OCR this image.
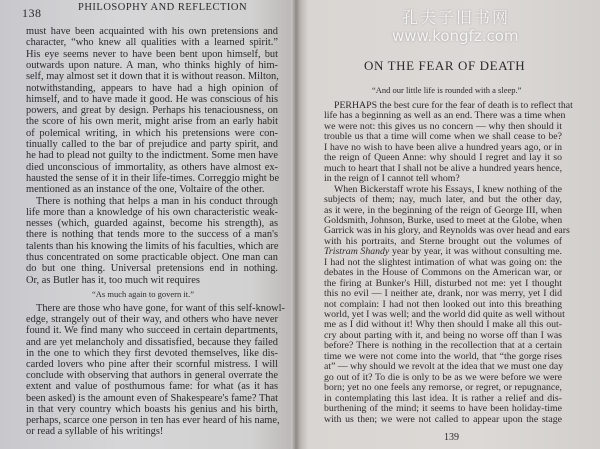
138	PHILOSOPHY AND REFLECTION
must have been acquainted with his own pretensions and
character, “who knew all qualities with a learned spirit.”
His eye seems never to have been bent upon himself, but
outwards upon nature. A man, who thinks highly of him-
self, may almost set it down that it is without reason. Milton,
notwithstanding, appears to have had a high opinion of
himself, and to have made it good. He was conscious of his
powers, and great by design. Perhaps his tenaciousness, on
the score of his own merit, might arise from an early habit
of polemical writing, in which his pretensions were con-
tinually called to the bar of prejudice and party spirit, and
he had to plead not guilty to the indictment. Some men have
died unconscious of immortality, as others have almost ex-
hausted the sense of it in their life-times. Correggio might be
mentioned as an instance of the one, Voltaire of the other.
There is nothing that helps a man in his conduct through
life more than a knowledge of his own characteristic weak-
nesses (which, guarded against, become his strength), as
there is nothing that tends more to the success of a man's
talents than his knowing the limits of his faculties, which are
thus concentrated on some practicable object. One man can
do but one thing. Universal pretensions end in nothing.
Or, as Butler has it, too much wit requires
There are those who have gone, for want of this self-knowl-
edge, strangely out of their way, and others who have never
found it. We find many who succeed in certain departments,
and are yet melancholy and dissatisfied, because they failed
in the one to which they first devoted themselves, like dis-
carded lovers who pine after their scornful mistress. I will
conclude with observing that authors in general overrate the
extent and value of posthumous fame: for what (as it has
been asked) is the amount even of Shakespeare's fame? That
in that very country which boasts his genius and his birth,
perhaps, scarce one person in ten has ever heard of his name,
or read a syllable of his writings!
“As much again to govern it.”
孔夫子旧书网
www.kongfz.com
ON THE FEAR OF DEATH
“And our little life is rounded with a sleep.”
PERHAPS the best cure for the fear of death is to reflect that
life has a beginning as well as an end. There was a time when
we were not: this gives us no concern — why then should it
trouble us that a time will come when we shall cease to be?
I have no wish to have been alive a hundred years ago, or in
the reign of Queen Anne: why should I regret and lay it so
much to heart that I shall not be alive a hundred years hence,
in the reign of I cannot tell whom?
When Bickerstaff wrote his Essays, I knew nothing of the
subjects of them; nay, much later, and but the other day,
as it were, in the beginning of the reign of George III, when
Goldsmith, Johnson, Burke, used to meet at the Globe, when
Garrick was in his glory, and Reynolds was over head and ears
with his portraits, and Sterne brought out the volumes of
Tristram Shandy year by year, it was without consulting me.
I had not the slightest intimation of what was going on: the
debates in the House of Commons on the American war, or
the firing at Bunker's Hill, disturbed not me: yet I thought
this no evil — I neither ate, drank, nor was merry, yet I did
not complain: I had not then looked out into this breathing
world, yet I was well; and the world did quite as well without
me as I did without it! Why then should I make all this out-
cry about parting with it, and being no worse off than I was
before? There is nothing in the recollection that at a certain
time we were not come into the world, that “the gorge rises
at” — why should we revolt at the idea that we must one day
go out of it? To die is only to be as we were before we were
born; yet no one feels any remorse, or regret, or repugnance,
in contemplating this last idea. It is rather a relief and dis-
burthening of the mind; it seems to have been holiday-time
with us then; we were not called to appear upon the stage
139
